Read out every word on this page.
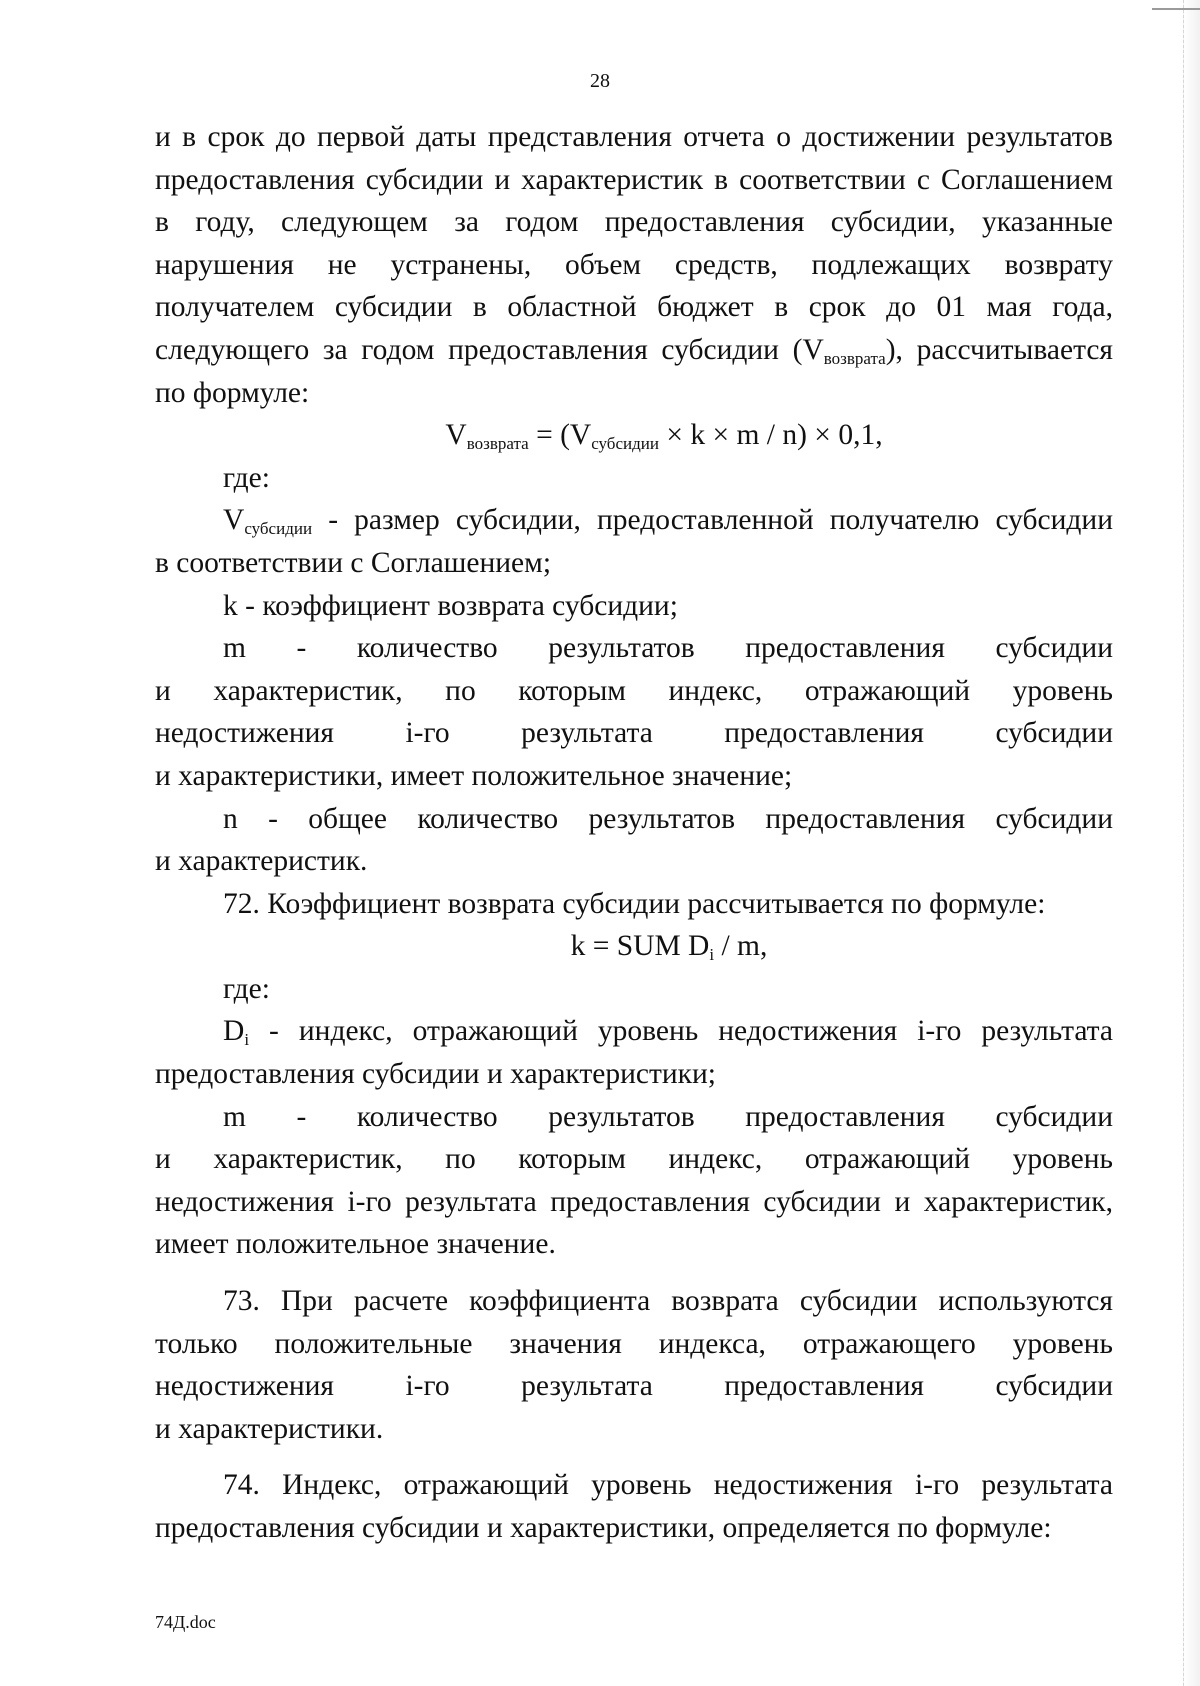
28

и в срок до первой даты представления отчета о достижении результатов

предоставления субсидии и характеристик в соответствии с Соглашением

в году, следующем за годом предоставления субсидии, указанные

нарушения не устранены, объем средств, подлежащих возврату

получателем субсидии в областной бюджет в срок до 01 мая года,

следующего за годом предоставления субсидии $(V_{возврата})$, рассчитывается

по формуле:

$V_{возврата} = (V_{субсидии} \times k \times m / n) \times 0,1$,

где:

$V_{субсидии}$ - размер субсидии, предоставленной получателю субсидии

в соответствии с Соглашением;

k - коэффициент возврата субсидии;

m - количество результатов предоставления субсидии

и характеристик, по которым индекс, отражающий уровень

недостижения i-го результата предоставления субсидии

и характеристики, имеет положительное значение;

n - общее количество результатов предоставления субсидии

и характеристик.

72. Коэффициент возврата субсидии рассчитывается по формуле:

k = SUM $D_i$ / m,

где:

$D_i$ - индекс, отражающий уровень недостижения i-го результата

предоставления субсидии и характеристики;

m - количество результатов предоставления субсидии

и характеристик, по которым индекс, отражающий уровень

недостижения i-го результата предоставления субсидии и характеристик,

имеет положительное значение.

73. При расчете коэффициента возврата субсидии используются

только положительные значения индекса, отражающего уровень

недостижения i-го результата предоставления субсидии

и характеристики.

74. Индекс, отражающий уровень недостижения i-го результата

предоставления субсидии и характеристики, определяется по формуле:

74Д.doc
